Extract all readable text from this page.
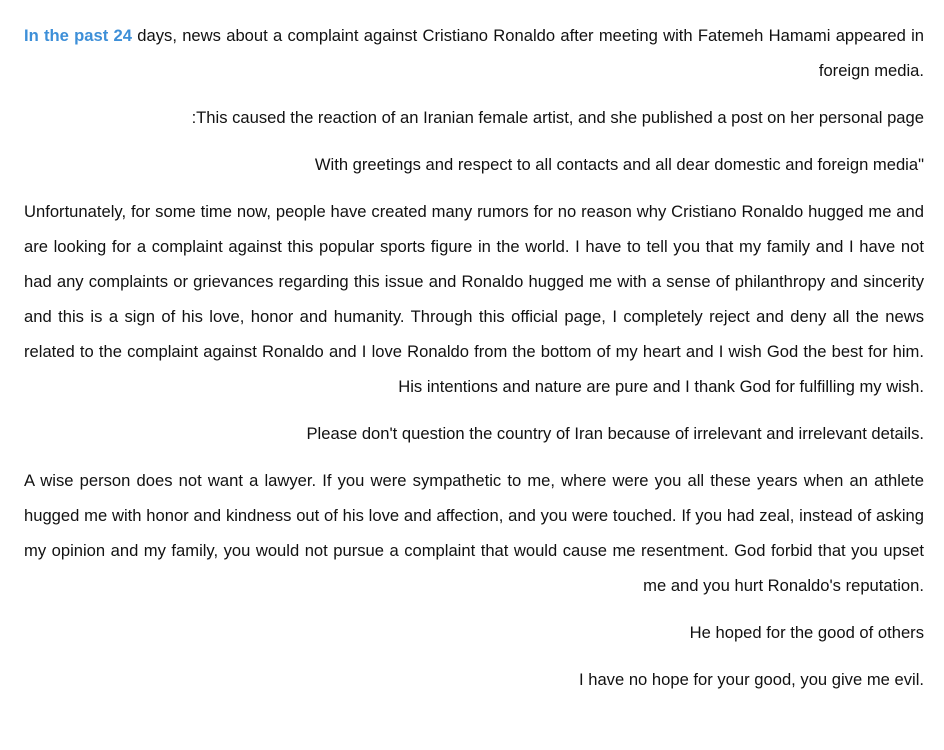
In the past 24 days, news about a complaint against Cristiano Ronaldo after meeting with Fatemeh Hamami appeared in foreign media.

:This caused the reaction of an Iranian female artist, and she published a post on her personal page

With greetings and respect to all contacts and all dear domestic and foreign media"

Unfortunately, for some time now, people have created many rumors for no reason why Cristiano Ronaldo hugged me and are looking for a complaint against this popular sports figure in the world. I have to tell you that my family and I have not had any complaints or grievances regarding this issue and Ronaldo hugged me with a sense of philanthropy and sincerity and this is a sign of his love, honor and humanity. Through this official page, I completely reject and deny all the news related to the complaint against Ronaldo and I love Ronaldo from the bottom of my heart and I wish God the best for him. His intentions and nature are pure and I thank God for fulfilling my wish.

Please don't question the country of Iran because of irrelevant and irrelevant details.

A wise person does not want a lawyer. If you were sympathetic to me, where were you all these years when an athlete hugged me with honor and kindness out of his love and affection, and you were touched. If you had zeal, instead of asking my opinion and my family, you would not pursue a complaint that would cause me resentment. God forbid that you upset me and you hurt Ronaldo's reputation.

He hoped for the good of others

I have no hope for your good, you give me evil.
